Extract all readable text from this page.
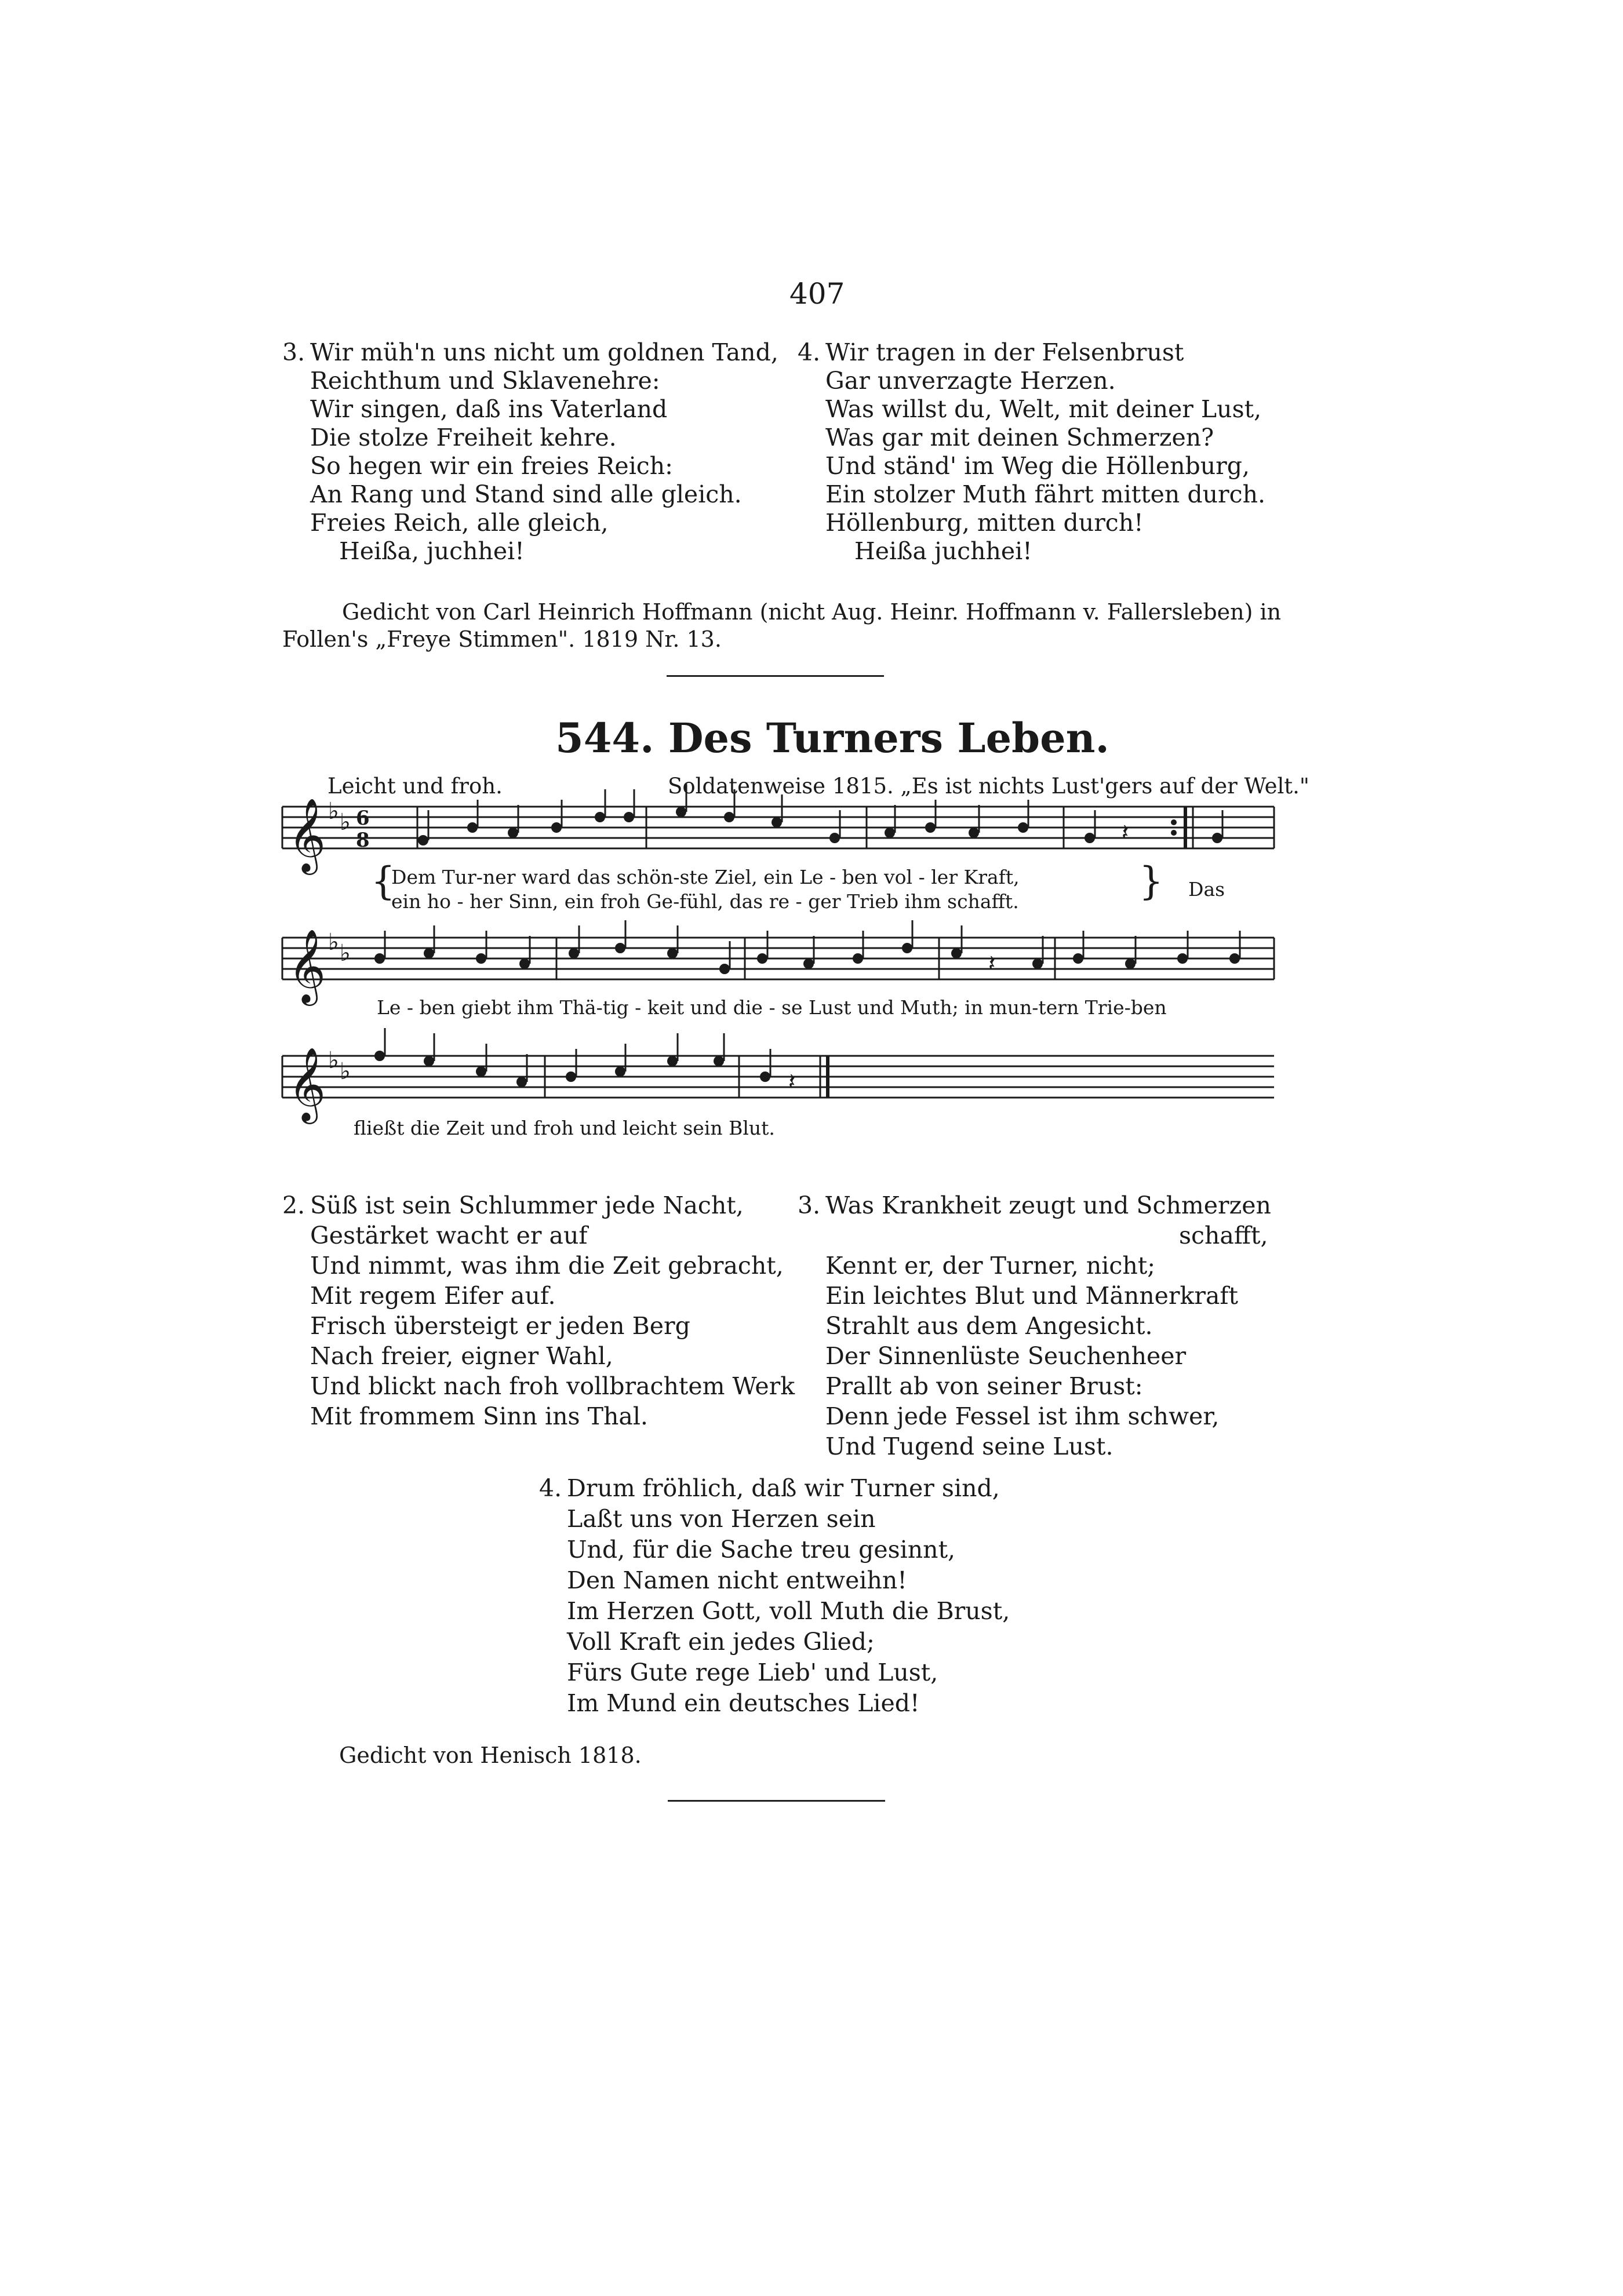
407
3. Wir müh'n uns nicht um goldnen Tand,
Reichthum und Sklavenehre:
Wir singen, daß ins Vaterland
Die stolze Freiheit kehre.
So hegen wir ein freies Reich:
An Rang und Stand sind alle gleich.
Freies Reich, alle gleich,
Heißa, juchhei!
4. Wir tragen in der Felsenbrust
Gar unverzagte Herzen.
Was willst du, Welt, mit deiner Lust,
Was gar mit deinen Schmerzen?
Und ständ' im Weg die Höllenburg,
Ein stolzer Muth fährt mitten durch.
Höllenburg, mitten durch!
Heißa juchhei!
Gedicht von Carl Heinrich Hoffmann (nicht Aug. Heinr. Hoffmann v. Fallersleben) in
Follen's „Freye Stimmen". 1819 Nr. 13.
544. Des Turners Leben.
Leicht und froh.	Soldatenweise 1815. „Es ist nichts Lust'gers auf der Welt."
𝄞 ♭ ♭ 6
8	𝄽
𝄞 ♭ ♭	𝄽
𝄞 ♭ ♭	𝄽
{
Dem Tur-ner ward das schön-ste Ziel, ein Le - ben vol - ler Kraft,
ein ho - her Sinn, ein froh Ge-fühl, das re - ger Trieb ihm schafft.	} Das
Le - ben giebt ihm Thä-tig - keit und die - se Lust und Muth; in mun-tern Trie-ben
fließt die Zeit und froh und leicht sein Blut.
2. Süß ist sein Schlummer jede Nacht,
Gestärket wacht er auf
Und nimmt, was ihm die Zeit gebracht,
Mit regem Eifer auf.
Frisch übersteigt er jeden Berg
Nach freier, eigner Wahl,
Und blickt nach froh vollbrachtem Werk
Mit frommem Sinn ins Thal.
3. Was Krankheit zeugt und Schmerzen
schafft,
Kennt er, der Turner, nicht;
Ein leichtes Blut und Männerkraft
Strahlt aus dem Angesicht.
Der Sinnenlüste Seuchenheer
Prallt ab von seiner Brust:
Denn jede Fessel ist ihm schwer,
Und Tugend seine Lust.
4. Drum fröhlich, daß wir Turner sind,
Laßt uns von Herzen sein
Und, für die Sache treu gesinnt,
Den Namen nicht entweihn!
Im Herzen Gott, voll Muth die Brust,
Voll Kraft ein jedes Glied;
Fürs Gute rege Lieb' und Lust,
Im Mund ein deutsches Lied!
Gedicht von Henisch 1818.
